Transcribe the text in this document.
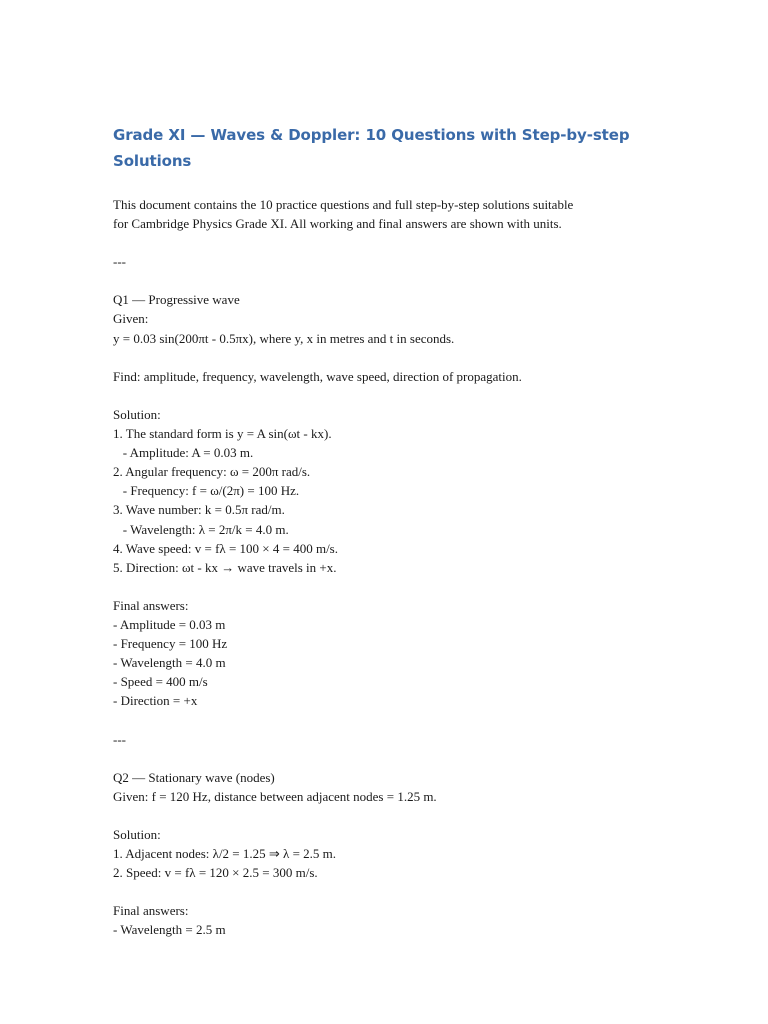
Grade XI — Waves & Doppler: 10 Questions with Step-by-step Solutions
This document contains the 10 practice questions and full step-by-step solutions suitable
for Cambridge Physics Grade XI. All working and final answers are shown with units.
---
Q1 — Progressive wave
Given:
y = 0.03 sin(200πt - 0.5πx), where y, x in metres and t in seconds.
Find: amplitude, frequency, wavelength, wave speed, direction of propagation.
Solution:
1. The standard form is y = A sin(ωt - kx).
- Amplitude: A = 0.03 m.
2. Angular frequency: ω = 200π rad/s.
- Frequency: f = ω/(2π) = 100 Hz.
3. Wave number: k = 0.5π rad/m.
- Wavelength: λ = 2π/k = 4.0 m.
4. Wave speed: v = fλ = 100 × 4 = 400 m/s.
5. Direction: ωt - kx → wave travels in +x.
Final answers:
- Amplitude = 0.03 m
- Frequency = 100 Hz
- Wavelength = 4.0 m
- Speed = 400 m/s
- Direction = +x
---
Q2 — Stationary wave (nodes)
Given: f = 120 Hz, distance between adjacent nodes = 1.25 m.
Solution:
1. Adjacent nodes: λ/2 = 1.25 ⇒ λ = 2.5 m.
2. Speed: v = fλ = 120 × 2.5 = 300 m/s.
Final answers:
- Wavelength = 2.5 m
